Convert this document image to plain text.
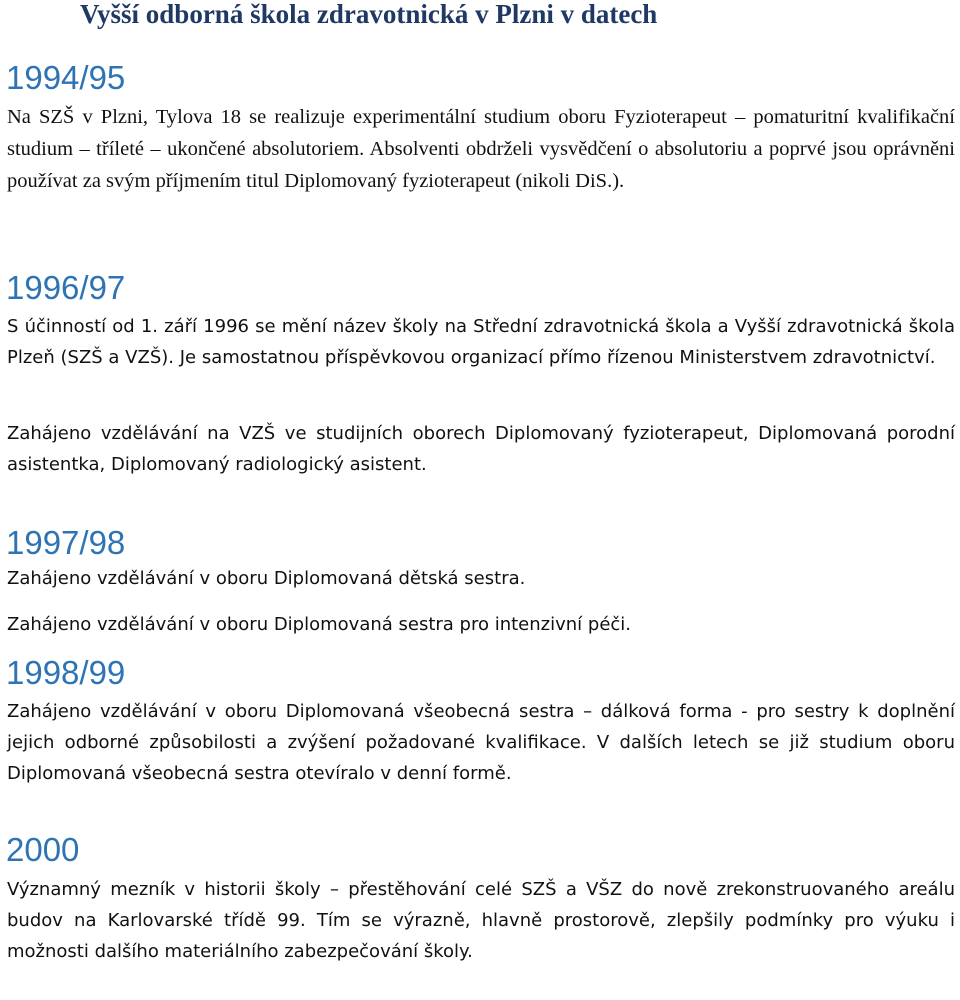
Vyšší odborná škola zdravotnická v Plzni v datech
1994/95

Na SZŠ v Plzni, Tylova 18 se realizuje experimentální studium oboru Fyzioterapeut – pomaturitní kvalifikační studium – tříleté – ukončené absolutoriem. Absolventi obdrželi vysvědčení o absolutoriu a poprvé jsou oprávněni používat za svým příjmením titul Diplomovaný fyzioterapeut (nikoli DiS.).

1996/97

S účinností od 1. září 1996 se mění název školy na Střední zdravotnická škola a Vyšší zdravotnická škola Plzeň (SZŠ a VZŠ). Je samostatnou příspěvkovou organizací přímo řízenou Ministerstvem zdravotnictví.

Zahájeno vzdělávání na VZŠ ve studijních oborech Diplomovaný fyzioterapeut, Diplomovaná porodní asistentka, Diplomovaný radiologický asistent.

1997/98

Zahájeno vzdělávání v oboru Diplomovaná dětská sestra.

Zahájeno vzdělávání v oboru Diplomovaná sestra pro intenzivní péči.

1998/99

Zahájeno vzdělávání v oboru Diplomovaná všeobecná sestra – dálková forma - pro sestry k doplnění jejich odborné způsobilosti a zvýšení požadované kvalifikace. V dalších letech se již studium oboru Diplomovaná všeobecná sestra otevíralo v denní formě.

2000

Významný mezník v historii školy – přestěhování celé SZŠ a VŠZ do nově zrekonstruovaného areálu budov na Karlovarské třídě 99. Tím se výrazně, hlavně prostorově, zlepšily podmínky pro výuku i možnosti dalšího materiálního zabezpečování školy.
